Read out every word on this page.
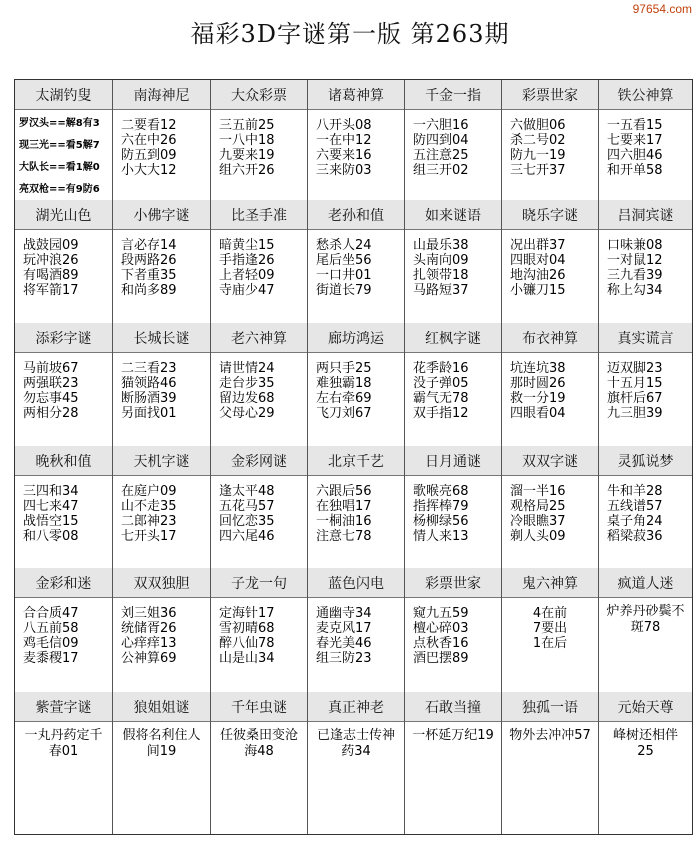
97654.com
福彩3D字谜第一版 第263期
太湖钓叟
罗汉头==解8有3
现三光==看5解7
大队长==看1解0
亮双枪==有9防6
南海神尼
二要看12
六在中26
防五到09
小大大12
大众彩票
三五前25
一八中18
九要来19
组六开26
诸葛神算
八开头08
一在中12
六要来16
三来防03
千金一指
一六胆16
防四到04
五注意25
组三开02
彩票世家
六做胆06
杀二号02
防九一19
三七开37
铁公神算
一五看15
七要来17
四六胆46
和开单58
湖光山色
战鼓园09
玩冲浪26
有喝酒89
将军箭17
小佛字谜
言必存14
段两路26
下者重35
和尚多89
比圣手准
暗黄尘15
手指逢26
上者轻09
寺庙少47
老孙和值
愁杀人24
尾后坐56
一口井01
街道长79
如来谜语
山最乐38
头南向09
扎领带18
马路短37
晓乐字谜
况出群37
四眼对04
地沟油26
小镰刀15
吕洞宾谜
口味兼08
一对鼠12
三九看39
称上勾34
添彩字谜
马前坡67
两强联23
勿忘事45
两相分28
长城长谜
二三看23
猫领路46
断肠酒39
另面找01
老六神算
请世情24
走台步35
留边发68
父母心29
廊坊鸿运
两只手25
难独霸18
左右牵69
飞刀刘67
红枫字谜
花季龄16
没子弹05
霸气无78
双手指12
布衣神算
坑连坑38
那时圆26
救一分19
四眼看04
真实谎言
迈双脚23
十五月15
旗杆后67
九三胆39
晚秋和值
三四和34
四七来47
战悟空15
和八零08
天机字谜
在庭户09
山不走35
二郎神23
七开头17
金彩网谜
逢太平48
五花马57
回忆恋35
四六尾46
北京千艺
六跟后56
在独唱17
一桐油16
注意七78
日月通谜
歌喉亮68
指挥棒79
杨柳绿56
情人来13
双双字谜
溜一半16
观格局25
冷眼瞧37
剃人头09
灵狐说梦
牛和羊28
五线谱57
桌子角24
稻梁菽36
金彩和迷
合合质47
八五前58
鸡毛信09
麦黍稷17
双双独胆
刘三姐36
统储胥26
心痒痒13
公神算69
子龙一句
定海针17
雪初晴68
醉八仙78
山是山34
蓝色闪电
通幽寺34
麦克风17
春光美46
组三防23
彩票世家
窥九五59
檀心碎03
点秋香16
酒巴摆89
鬼六神算
4在前
7要出
1在后
疯道人迷
炉养丹砂鬓不斑78
紫萱字谜
一丸丹药定千春01
狼姐姐谜
假将名利住人间19
千年虫谜
任彼桑田变沧海48
真正神老
已逢志士传神药34
石敢当撞
一杯延万纪19
独孤一语
物外去冲冲57
元始天尊
峰树还相伴25
